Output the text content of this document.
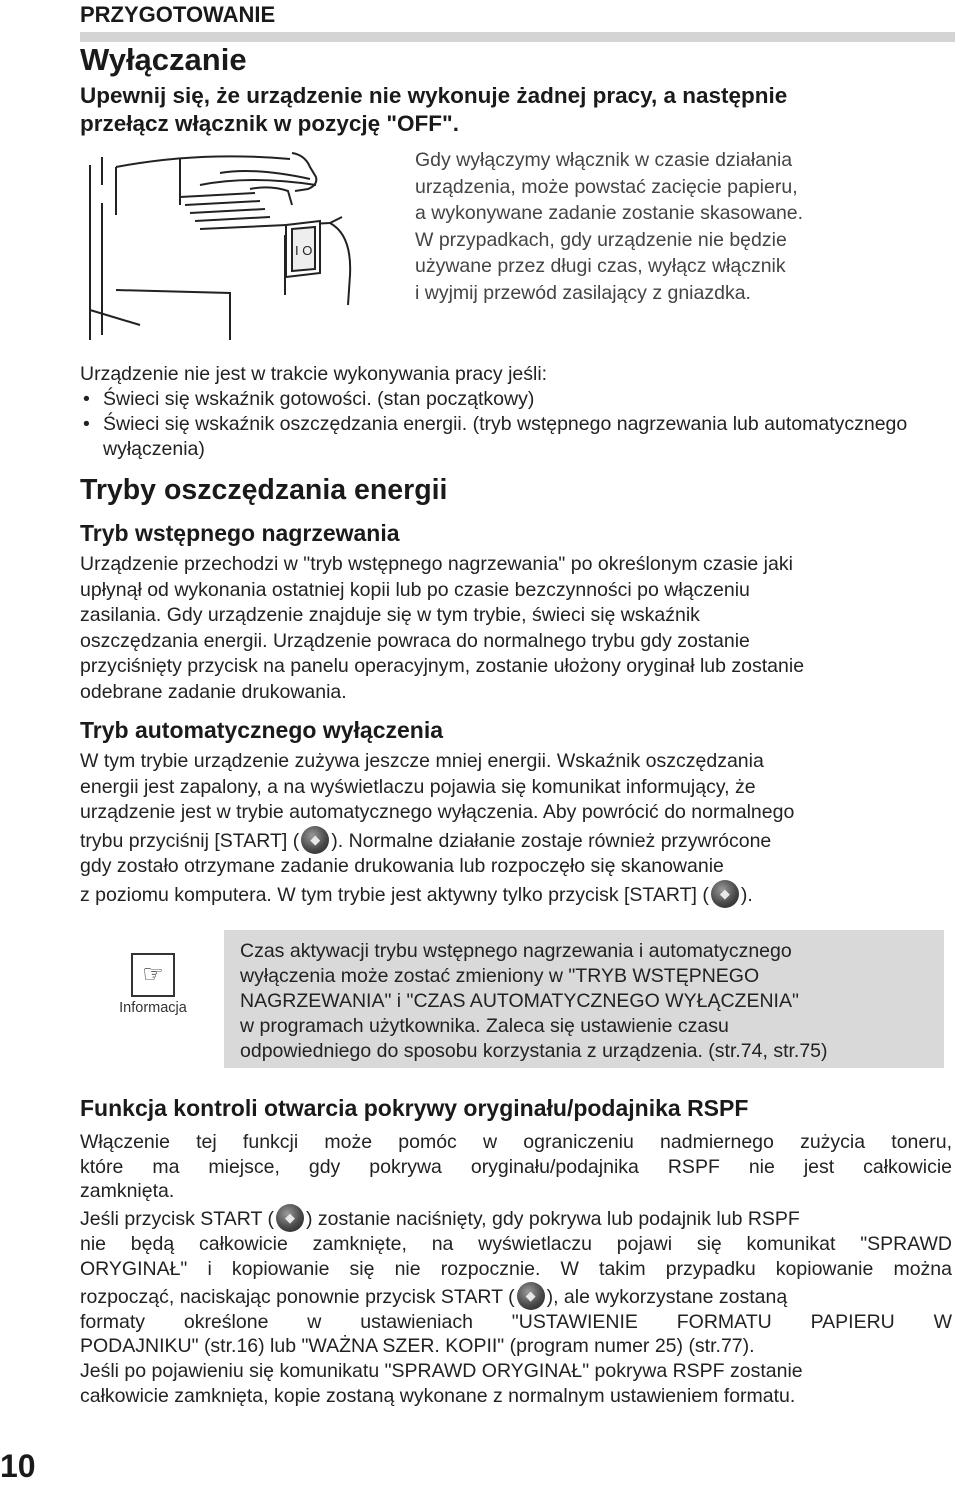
PRZYGOTOWANIE
Wyłączanie
Upewnij się, że urządzenie nie wykonuje żadnej pracy, a następnie
przełącz włącznik w pozycję "OFF".
I O
Gdy wyłączymy włącznik w czasie działania
urządzenia, może powstać zacięcie papieru,
a wykonywane zadanie zostanie skasowane.
W przypadkach, gdy urządzenie nie będzie
używane przez długi czas, wyłącz włącznik
i wyjmij przewód zasilający z gniazdka.
Urządzenie nie jest w trakcie wykonywania pracy jeśli:
• Świeci się wskaźnik gotowości. (stan początkowy)
• Świeci się wskaźnik oszczędzania energii. (tryb wstępnego nagrzewania lub automatycznego wyłączenia)
Tryby oszczędzania energii
Tryb wstępnego nagrzewania
Urządzenie przechodzi w "tryb wstępnego nagrzewania" po określonym czasie jaki
upłynął od wykonania ostatniej kopii lub po czasie bezczynności po włączeniu
zasilania. Gdy urządzenie znajduje się w tym trybie, świeci się wskaźnik
oszczędzania energii. Urządzenie powraca do normalnego trybu gdy zostanie
przyciśnięty przycisk na panelu operacyjnym, zostanie ułożony oryginał lub zostanie
odebrane zadanie drukowania.
Tryb automatycznego wyłączenia
W tym trybie urządzenie zużywa jeszcze mniej energii. Wskaźnik oszczędzania
energii jest zapalony, a na wyświetlaczu pojawia się komunikat informujący, że
urządzenie jest w trybie automatycznego wyłączenia. Aby powrócić do normalnego
trybu przyciśnij [START] ( ◆ ). Normalne działanie zostaje również przywrócone
gdy zostało otrzymane zadanie drukowania lub rozpoczęło się skanowanie
z poziomu komputera. W tym trybie jest aktywny tylko przycisk [START] ( ◆ ).
☞
Informacja
Czas aktywacji trybu wstępnego nagrzewania i automatycznego
wyłączenia może zostać zmieniony w "TRYB WSTĘPNEGO
NAGRZEWANIA" i "CZAS AUTOMATYCZNEGO WYŁĄCZENIA"
w programach użytkownika. Zaleca się ustawienie czasu
odpowiedniego do sposobu korzystania z urządzenia. (str.74, str.75)
Funkcja kontroli otwarcia pokrywy oryginału/podajnika RSPF
Włączenie tej funkcji może pomóc w ograniczeniu nadmiernego zużycia toneru,
które ma miejsce, gdy pokrywa oryginału/podajnika RSPF nie jest całkowicie
zamknięta.
Jeśli przycisk START ( ◆ ) zostanie naciśnięty, gdy pokrywa lub podajnik lub RSPF
nie będą całkowicie zamknięte, na wyświetlaczu pojawi się komunikat "SPRAWD
ORYGINAŁ" i kopiowanie się nie rozpocznie. W takim przypadku kopiowanie można
rozpocząć, naciskając ponownie przycisk START ( ◆ ), ale wykorzystane zostaną
formaty określone w ustawieniach "USTAWIENIE FORMATU PAPIERU W
PODAJNIKU" (str.16) lub "WAŻNA SZER. KOPII" (program numer 25) (str.77).
Jeśli po pojawieniu się komunikatu "SPRAWD ORYGINAŁ" pokrywa RSPF zostanie
całkowicie zamknięta, kopie zostaną wykonane z normalnym ustawieniem formatu.
10
